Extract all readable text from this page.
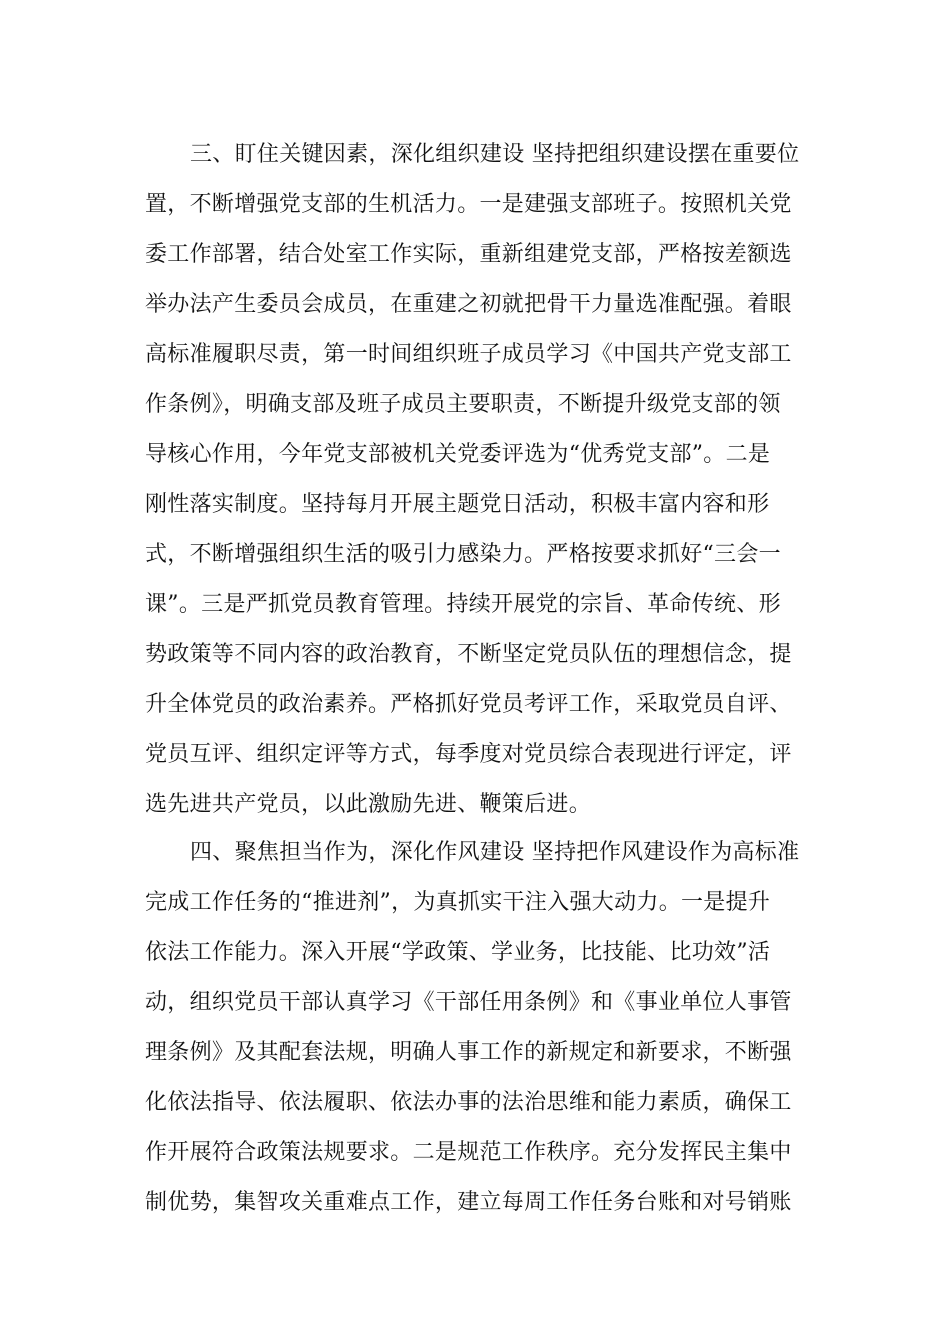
三、盯住关键因素，深化组织建设 坚持把组织建设摆在重要位
置，不断增强党支部的生机活力。一是建强支部班子。按照机关党
委工作部署，结合处室工作实际，重新组建党支部，严格按差额选
举办法产生委员会成员，在重建之初就把骨干力量选准配强。着眼
高标准履职尽责，第一时间组织班子成员学习《中国共产党支部工
作条例》，明确支部及班子成员主要职责，不断提升级党支部的领
导核心作用，今年党支部被机关党委评选为“优秀党支部”。二是
刚性落实制度。坚持每月开展主题党日活动，积极丰富内容和形
式，不断增强组织生活的吸引力感染力。严格按要求抓好“三会一
课”。三是严抓党员教育管理。持续开展党的宗旨、革命传统、形
势政策等不同内容的政治教育，不断坚定党员队伍的理想信念，提
升全体党员的政治素养。严格抓好党员考评工作，采取党员自评、
党员互评、组织定评等方式，每季度对党员综合表现进行评定，评
选先进共产党员，以此激励先进、鞭策后进。
四、聚焦担当作为，深化作风建设 坚持把作风建设作为高标准
完成工作任务的“推进剂”，为真抓实干注入强大动力。一是提升
依法工作能力。深入开展“学政策、学业务，比技能、比功效”活
动，组织党员干部认真学习《干部任用条例》和《事业单位人事管
理条例》及其配套法规，明确人事工作的新规定和新要求，不断强
化依法指导、依法履职、依法办事的法治思维和能力素质，确保工
作开展符合政策法规要求。二是规范工作秩序。充分发挥民主集中
制优势，集智攻关重难点工作，建立每周工作任务台账和对号销账
